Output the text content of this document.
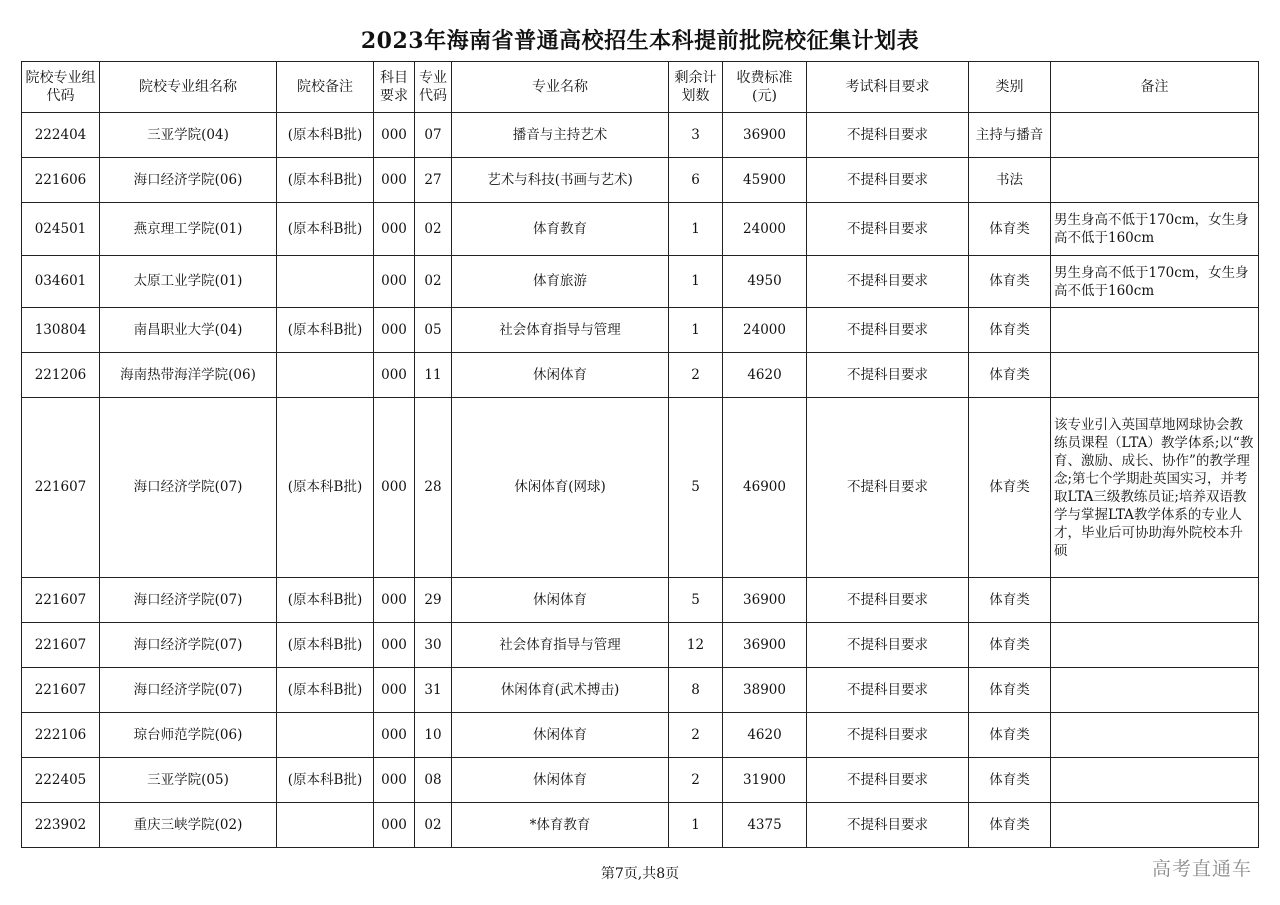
2023年海南省普通高校招生本科提前批院校征集计划表
院校专业组代码	院校专业组名称	院校备注	科目要求	专业代码	专业名称	剩余计划数	收费标准(元)	考试科目要求	类别	备注
222404	三亚学院(04)	(原本科B批)	000	07	播音与主持艺术	3	36900	不提科目要求	主持与播音	
221606	海口经济学院(06)	(原本科B批)	000	27	艺术与科技(书画与艺术)	6	45900	不提科目要求	书法	
024501	燕京理工学院(01)	(原本科B批)	000	02	体育教育	1	24000	不提科目要求	体育类	男生身高不低于170cm，女生身高不低于160cm
034601	太原工业学院(01)		000	02	体育旅游	1	4950	不提科目要求	体育类	男生身高不低于170cm，女生身高不低于160cm
130804	南昌职业大学(04)	(原本科B批)	000	05	社会体育指导与管理	1	24000	不提科目要求	体育类	
221206	海南热带海洋学院(06)		000	11	休闲体育	2	4620	不提科目要求	体育类	
221607	海口经济学院(07)	(原本科B批)	000	28	休闲体育(网球)	5	46900	不提科目要求	体育类	该专业引入英国草地网球协会教练员课程（LTA）教学体系;以“教育、激励、成长、协作”的教学理念;第七个学期赴英国实习，并考取LTA三级教练员证;培养双语教学与掌握LTA教学体系的专业人才，毕业后可协助海外院校本升硕
221607	海口经济学院(07)	(原本科B批)	000	29	休闲体育	5	36900	不提科目要求	体育类	
221607	海口经济学院(07)	(原本科B批)	000	30	社会体育指导与管理	12	36900	不提科目要求	体育类	
221607	海口经济学院(07)	(原本科B批)	000	31	休闲体育(武术搏击)	8	38900	不提科目要求	体育类	
222106	琼台师范学院(06)		000	10	休闲体育	2	4620	不提科目要求	体育类	
222405	三亚学院(05)	(原本科B批)	000	08	休闲体育	2	31900	不提科目要求	体育类	
223902	重庆三峡学院(02)		000	02	*体育教育	1	4375	不提科目要求	体育类	
第7页,共8页	高考直通车
